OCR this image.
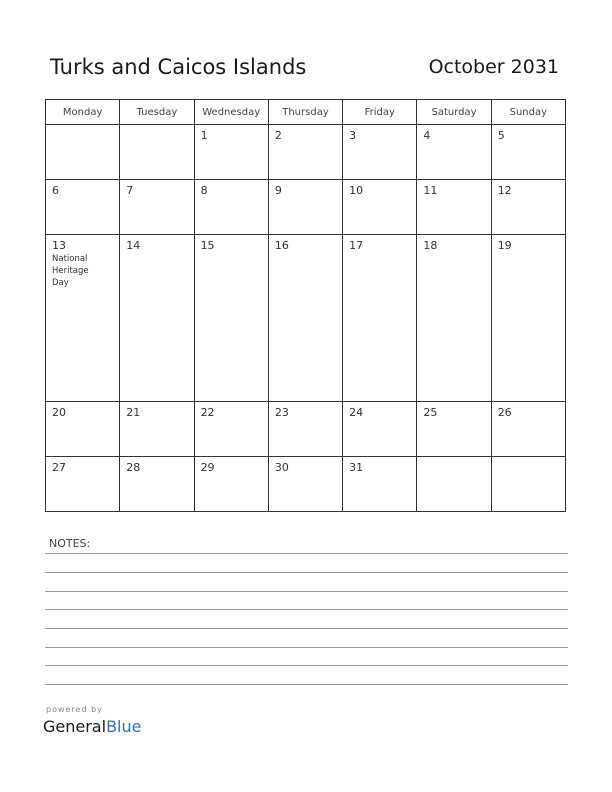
Turks and Caicos Islands	October 2031
Monday	Tuesday	Wednesday	Thursday	Friday	Saturday	Sunday

		1	2	3	4	5

6	7	8	9	10	11	12

13
National
Heritage
Day	14	15	16	17	18	19

20	21	22	23	24	25	26

27	28	29	30	31		

NOTES:
powered by
GeneralBlue
